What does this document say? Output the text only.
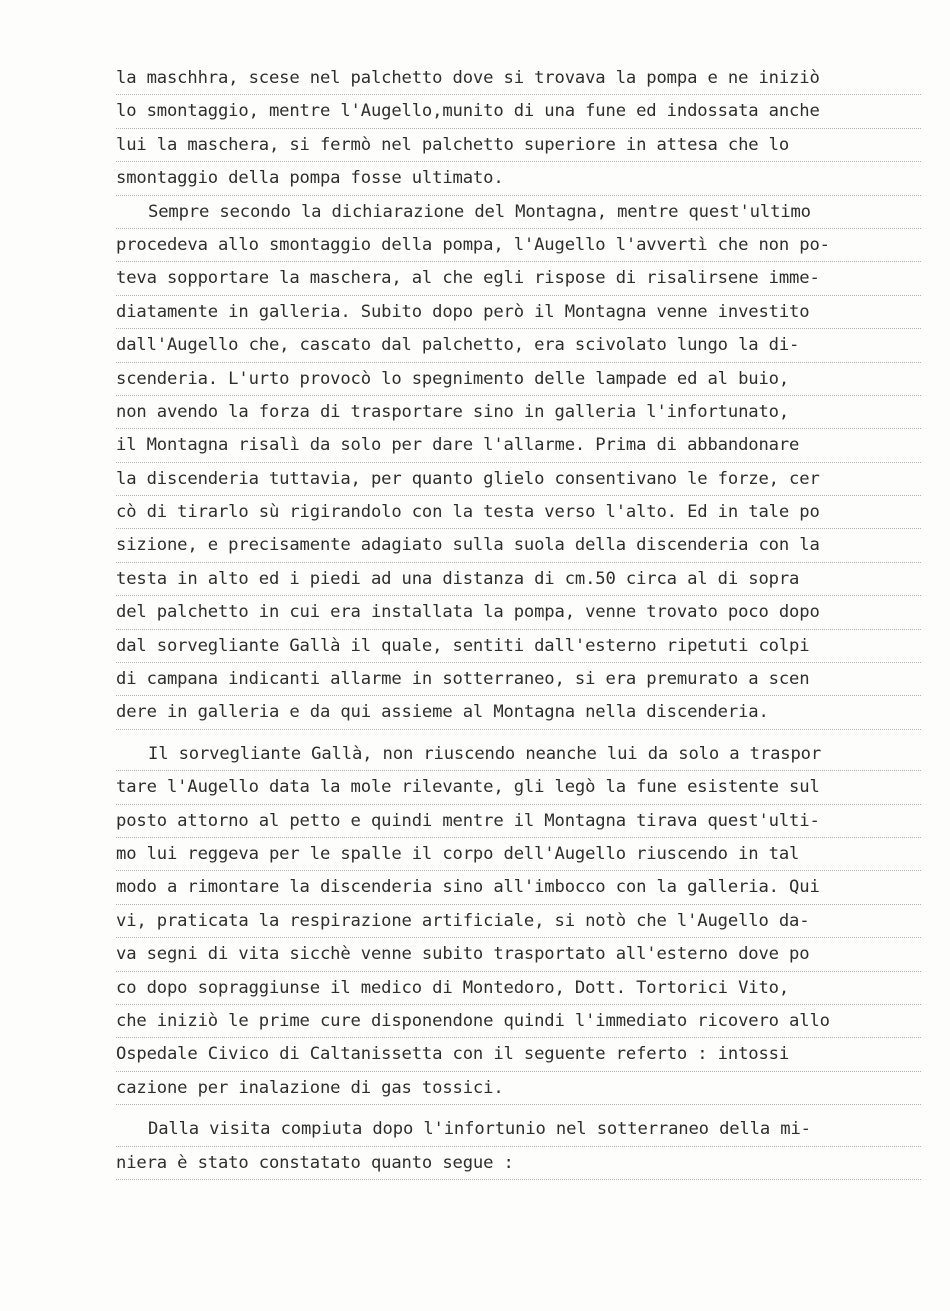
la maschhra, scese nel palchetto dove si trovava la pompa e ne iniziò
lo smontaggio, mentre l'Augello,munito di una fune ed indossata anche
lui la maschera, si fermò nel palchetto superiore in attesa che lo
smontaggio della pompa fosse ultimato.
Sempre secondo la dichiarazione del Montagna, mentre quest'ultimo
procedeva allo smontaggio della pompa, l'Augello l'avvertì che non po-
teva sopportare la maschera, al che egli rispose di risalirsene imme-
diatamente in galleria. Subito dopo però il Montagna venne investito
dall'Augello che, cascato dal palchetto, era scivolato lungo la di-
scenderia. L'urto provocò lo spegnimento delle lampade ed al buio,
non avendo la forza di trasportare sino in galleria l'infortunato,
il Montagna risalì da solo per dare l'allarme. Prima di abbandonare
la discenderia tuttavia, per quanto glielo consentivano le forze, cer
cò di tirarlo sù rigirandolo con la testa verso l'alto. Ed in tale po
sizione, e precisamente adagiato sulla suola della discenderia con la
testa in alto ed i piedi ad una distanza di cm.50 circa al di sopra
del palchetto in cui era installata la pompa, venne trovato poco dopo
dal sorvegliante Gallà il quale, sentiti dall'esterno ripetuti colpi
di campana indicanti allarme in sotterraneo, si era premurato a scen
dere in galleria e da qui assieme al Montagna nella discenderia.
Il sorvegliante Gallà, non riuscendo neanche lui da solo a traspor
tare l'Augello data la mole rilevante, gli legò la fune esistente sul
posto attorno al petto e quindi mentre il Montagna tirava quest'ulti-
mo lui reggeva per le spalle il corpo dell'Augello riuscendo in tal
modo a rimontare la discenderia sino all'imbocco con la galleria. Qui
vi, praticata la respirazione artificiale, si notò che l'Augello da-
va segni di vita sicchè venne subito trasportato all'esterno dove po
co dopo sopraggiunse il medico di Montedoro, Dott. Tortorici Vito,
che iniziò le prime cure disponendone quindi l'immediato ricovero allo
Ospedale Civico di Caltanissetta con il seguente referto : intossi
cazione per inalazione di gas tossici.
Dalla visita compiuta dopo l'infortunio nel sotterraneo della mi-
niera è stato constatato quanto segue :
